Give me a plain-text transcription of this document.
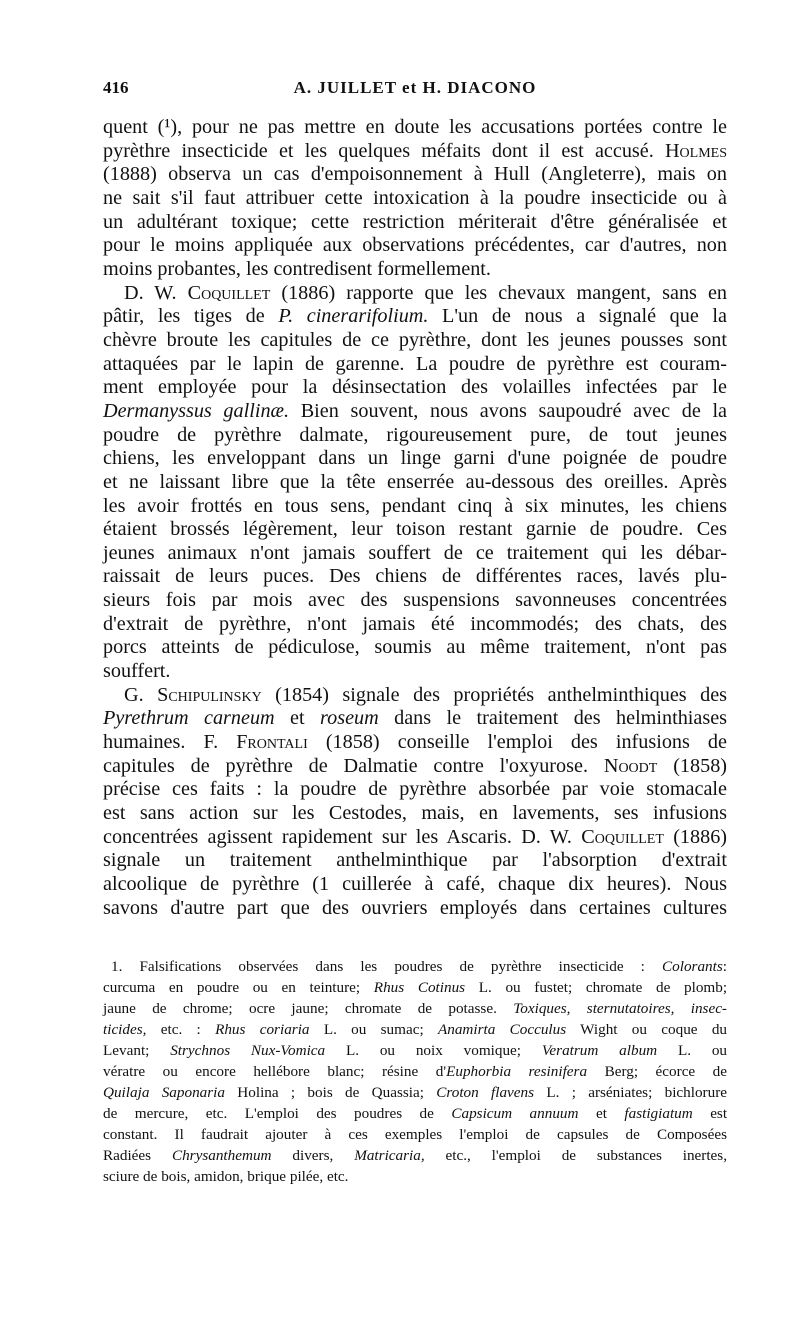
416	A. JUILLET et H. DIACONO
quent (¹), pour ne pas mettre en doute les accusations portées contre le
pyrèthre insecticide et les quelques méfaits dont il est accusé. Holmes
(1888) observa un cas d'empoisonnement à Hull (Angleterre), mais on
ne sait s'il faut attribuer cette intoxication à la poudre insecticide ou à
un adultérant toxique; cette restriction mériterait d'être généralisée et
pour le moins appliquée aux observations précédentes, car d'autres, non
moins probantes, les contredisent formellement.
D. W. Coquillet (1886) rapporte que les chevaux mangent, sans en
pâtir, les tiges de P. cinerarifolium. L'un de nous a signalé que la
chèvre broute les capitules de ce pyrèthre, dont les jeunes pousses sont
attaquées par le lapin de garenne. La poudre de pyrèthre est couram-
ment employée pour la désinsectation des volailles infectées par le
Dermanyssus gallinæ. Bien souvent, nous avons saupoudré avec de la
poudre de pyrèthre dalmate, rigoureusement pure, de tout jeunes
chiens, les enveloppant dans un linge garni d'une poignée de poudre
et ne laissant libre que la tête enserrée au-dessous des oreilles. Après
les avoir frottés en tous sens, pendant cinq à six minutes, les chiens
étaient brossés légèrement, leur toison restant garnie de poudre. Ces
jeunes animaux n'ont jamais souffert de ce traitement qui les débar-
raissait de leurs puces. Des chiens de différentes races, lavés plu-
sieurs fois par mois avec des suspensions savonneuses concentrées
d'extrait de pyrèthre, n'ont jamais été incommodés; des chats, des
porcs atteints de pédiculose, soumis au même traitement, n'ont pas
souffert.
G. Schipulinsky (1854) signale des propriétés anthelminthiques des
Pyrethrum carneum et roseum dans le traitement des helminthiases
humaines. F. Frontali (1858) conseille l'emploi des infusions de
capitules de pyrèthre de Dalmatie contre l'oxyurose. Noodt (1858)
précise ces faits : la poudre de pyrèthre absorbée par voie stomacale
est sans action sur les Cestodes, mais, en lavements, ses infusions
concentrées agissent rapidement sur les Ascaris. D. W. Coquillet (1886)
signale un traitement anthelminthique par l'absorption d'extrait
alcoolique de pyrèthre (1 cuillerée à café, chaque dix heures). Nous
savons d'autre part que des ouvriers employés dans certaines cultures
1. Falsifications observées dans les poudres de pyrèthre insecticide : Colorants:
curcuma en poudre ou en teinture; Rhus Cotinus L. ou fustet; chromate de plomb;
jaune de chrome; ocre jaune; chromate de potasse. Toxiques, sternutatoires, insec-
ticides, etc. : Rhus coriaria L. ou sumac; Anamirta Cocculus Wight ou coque du
Levant; Strychnos Nux-Vomica L. ou noix vomique; Veratrum album L. ou
vératre ou encore hellébore blanc; résine d'Euphorbia resinifera Berg; écorce de
Quilaja Saponaria Holina ; bois de Quassia; Croton flavens L. ; arséniates; bichlorure
de mercure, etc. L'emploi des poudres de Capsicum annuum et fastigiatum est
constant. Il faudrait ajouter à ces exemples l'emploi de capsules de Composées
Radiées Chrysanthemum divers, Matricaria, etc., l'emploi de substances inertes,
sciure de bois, amidon, brique pilée, etc.
